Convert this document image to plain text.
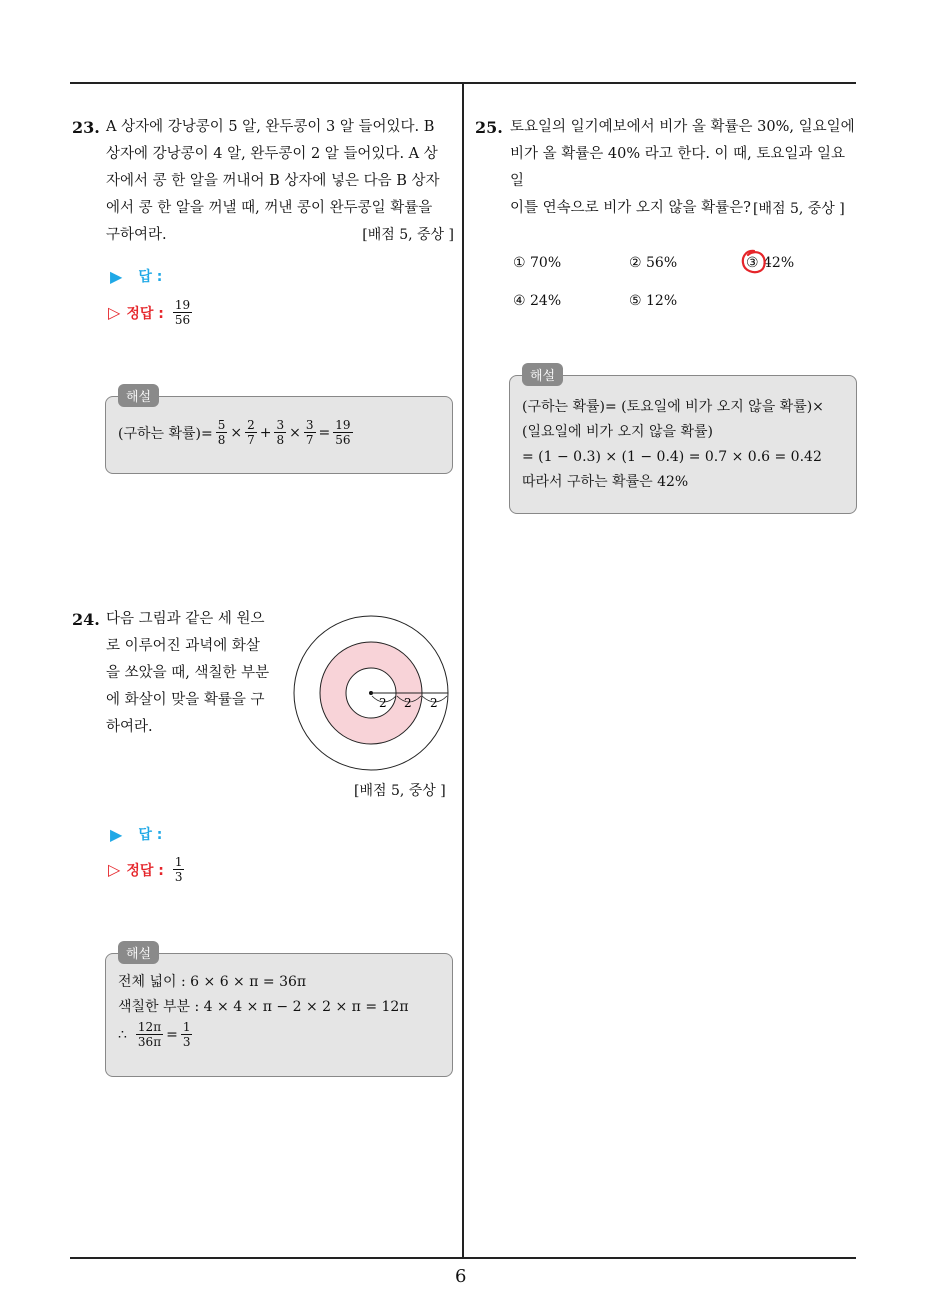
6
23. A 상자에 강낭콩이 5 알, 완두콩이 3 알 들어있다. B
상자에 강낭콩이 4 알, 완두콩이 2 알 들어있다. A 상
자에서 콩 한 알을 꺼내어 B 상자에 넣은 다음 B 상자
에서 콩 한 알을 꺼낼 때, 꺼낸 콩이 완두콩일 확률을
구하여라.	[배점 5, 중상 ]
▶ 답 :
▷ 정답 : $\frac{19}{56}$
해설
(구하는 확률)= $\frac{5}{8} \times \frac{2}{7} + \frac{3}{8} \times \frac{3}{7} = \frac{19}{56}$
24. 다음 그림과 같은 세 원으
로 이루어진 과녁에 화살
을 쏘았을 때, 색칠한 부분
에 화살이 맞을 확률을 구
하여라.
2 2 2
[배점 5, 중상 ]
▶ 답 :
▷ 정답 : $\frac{1}{3}$
해설
전체 넓이 : 6 × 6 × π = 36π
색칠한 부분 : 4 × 4 × π − 2 × 2 × π = 12π
∴ $\frac{12\pi}{36\pi} = \frac{1}{3}$
25. 토요일의 일기예보에서 비가 올 확률은 30%, 일요일에
비가 올 확률은 40% 라고 한다. 이 때, 토요일과 일요일
이틀 연속으로 비가 오지 않을 확률은? [배점 5, 중상 ]
① 70%	② 56%	③ 42%
④ 24%	⑤ 12%
해설
(구하는 확률)= (토요일에 비가 오지 않을 확률)×
(일요일에 비가 오지 않을 확률)
= (1 − 0.3) × (1 − 0.4) = 0.7 × 0.6 = 0.42
따라서 구하는 확률은 42%
